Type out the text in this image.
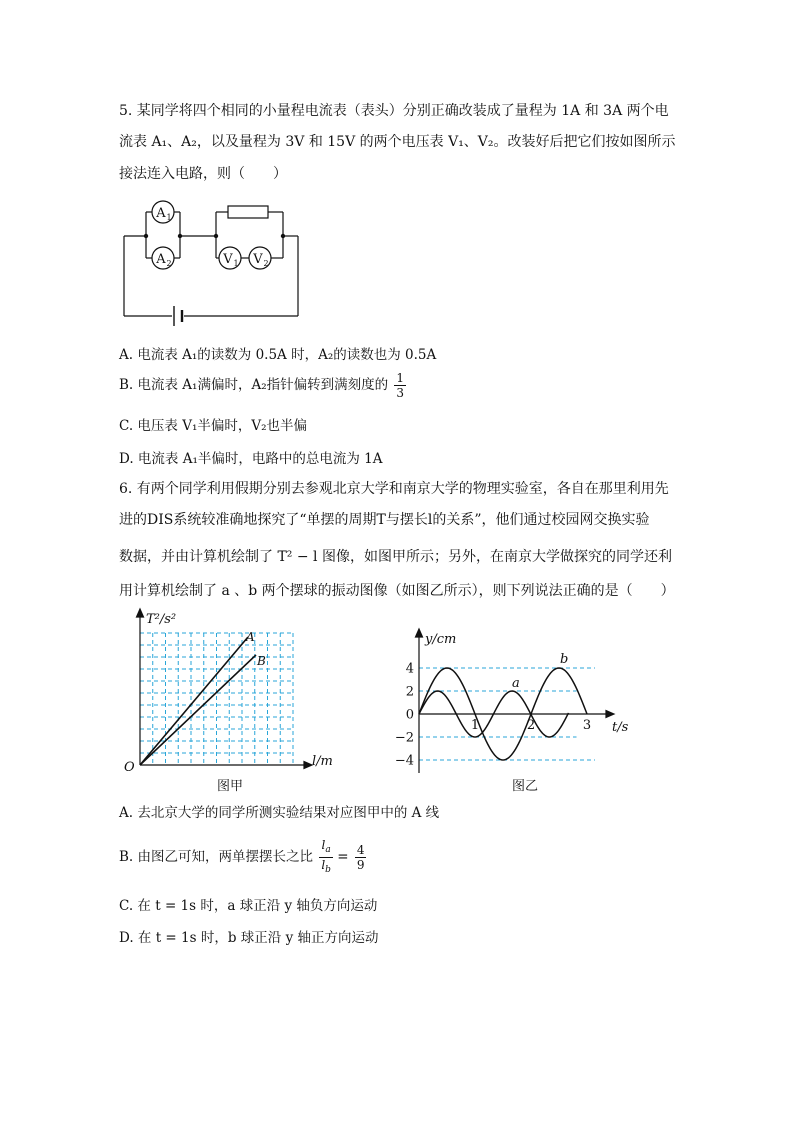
5. 某同学将四个相同的小量程电流表（表头）分别正确改装成了量程为 1A 和 3A 两个电
流表 A₁、A₂，以及量程为 3V 和 15V 的两个电压表 V₁、V₂。改装好后把它们按如图所示
接法连入电路，则（　　）
A 1
A 2	V 1 V 2
A. 电流表 A₁的读数为 0.5A 时，A₂的读数也为 0.5A
B. 电流表 A₁满偏时，A₂指针偏转到满刻度的 $\frac{1}{3}$
C. 电压表 V₁半偏时，V₂也半偏
D. 电流表 A₁半偏时，电路中的总电流为 1A
6. 有两个同学利用假期分别去参观北京大学和南京大学的物理实验室，各自在那里利用先
进的DIS系统较准确地探究了“单摆的周期T与摆长l的关系”，他们通过校园网交换实验
数据，并由计算机绘制了 T² − l 图像，如图甲所示；另外，在南京大学做探究的同学还利
用计算机绘制了 a 、b 两个摆球的振动图像（如图乙所示），则下列说法正确的是（　　）
T²/s²
l/m
O
A
B
图甲
4
2
0
−2
−4
1	2	3
y/cm
t/s
a
b
图乙
A. 去北京大学的同学所测实验结果对应图甲中的 A 线
B. 由图乙可知，两单摆摆长之比 $\frac{l_a}{l_b} = \frac{4}{9}$
C. 在 t = 1s 时，a 球正沿 y 轴负方向运动
D. 在 t = 1s 时，b 球正沿 y 轴正方向运动
